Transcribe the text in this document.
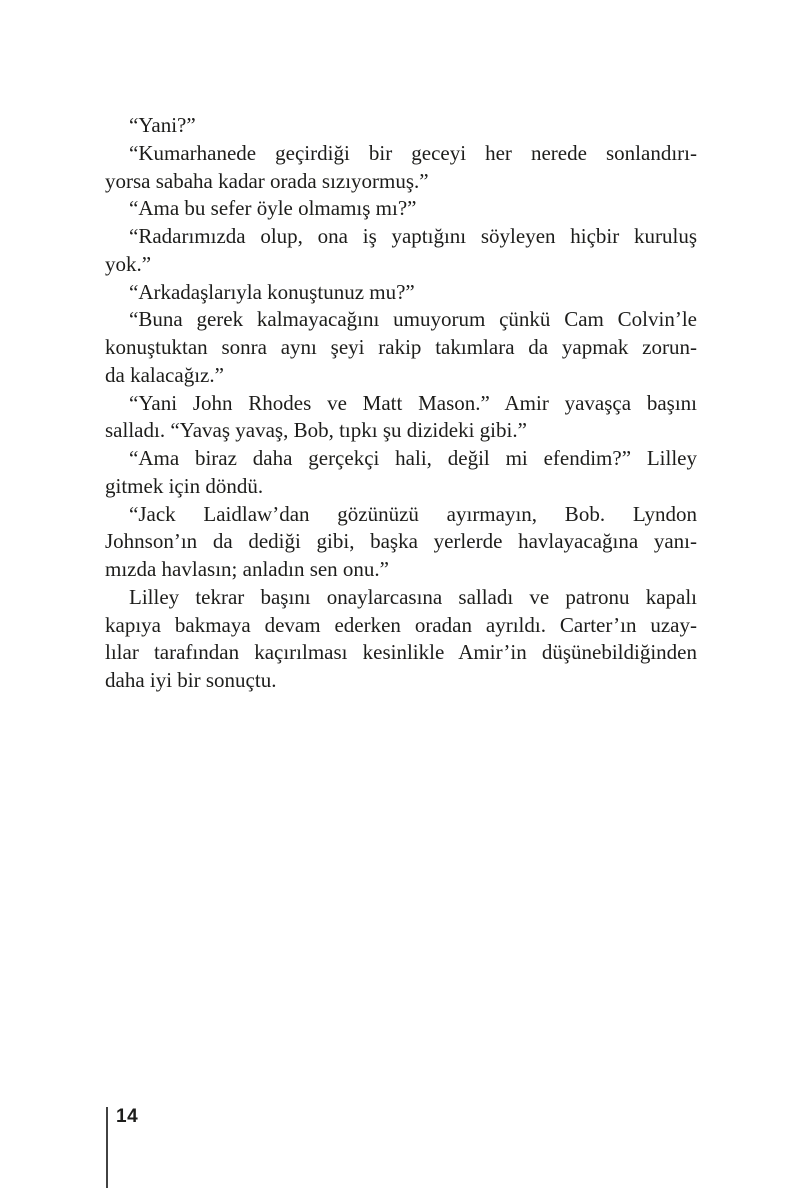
“Yani?”
“Kumarhanede geçirdiği bir geceyi her nerede sonlandırı-
yorsa sabaha kadar orada sızıyormuş.”
“Ama bu sefer öyle olmamış mı?”
“Radarımızda olup, ona iş yaptığını söyleyen hiçbir kuruluş
yok.”
“Arkadaşlarıyla konuştunuz mu?”
“Buna gerek kalmayacağını umuyorum çünkü Cam Colvin’le
konuştuktan sonra aynı şeyi rakip takımlara da yapmak zorun-
da kalacağız.”
“Yani John Rhodes ve Matt Mason.” Amir yavaşça başını
salladı. “Yavaş yavaş, Bob, tıpkı şu dizideki gibi.”
“Ama biraz daha gerçekçi hali, değil mi efendim?” Lilley
gitmek için döndü.
“Jack Laidlaw’dan gözünüzü ayırmayın, Bob. Lyndon
Johnson’ın da dediği gibi, başka yerlerde havlayacağına yanı-
mızda havlasın; anladın sen onu.”
Lilley tekrar başını onaylarcasına salladı ve patronu kapalı
kapıya bakmaya devam ederken oradan ayrıldı. Carter’ın uzay-
lılar tarafından kaçırılması kesinlikle Amir’in düşünebildiğinden
daha iyi bir sonuçtu.
14
